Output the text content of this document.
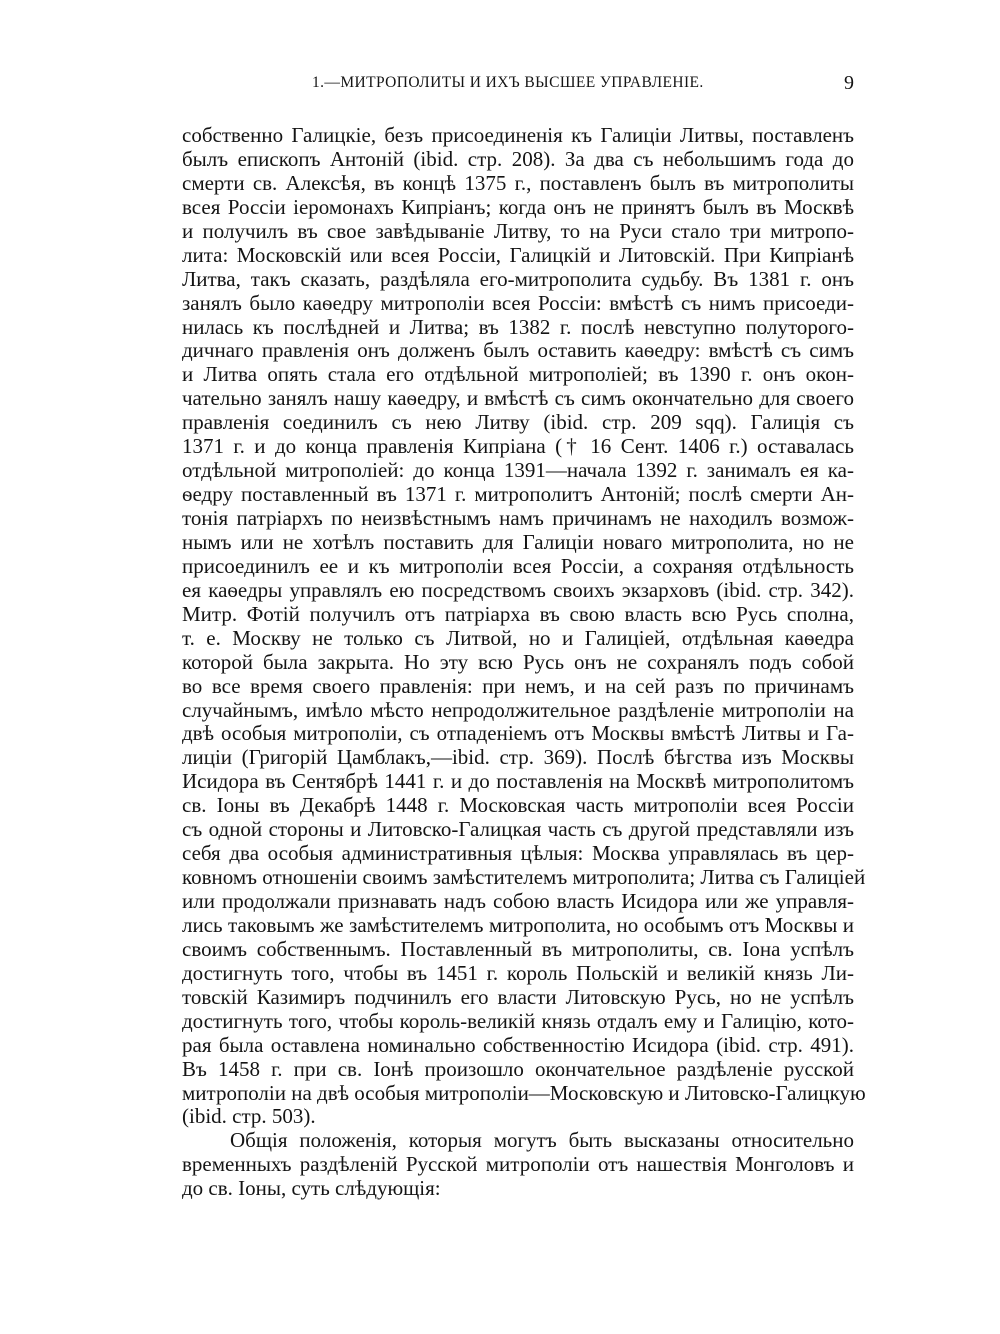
1.—МИТРОПОЛИТЫ И ИХЪ ВЫСШЕЕ УПРАВЛЕНІЕ.	9
собственно Галицкіе, безъ присоединенія къ Галиціи Литвы, поставленъ
былъ епископъ Антоній (ibid. стр. 208). За два съ небольшимъ года до
смерти св. Алексѣя, въ концѣ 1375 г., поставленъ былъ въ митрополиты
всея Россіи іеромонахъ Кипріанъ; когда онъ не принятъ былъ въ Москвѣ
и получилъ въ свое завѣдываніе Литву, то на Руси стало три митропо-
лита: Московскій или всея Россіи, Галицкій и Литовскій. При Кипріанѣ
Литва, такъ сказать, раздѣляла его-митрополита судьбу. Въ 1381 г. онъ
занялъ было каѳедру митрополіи всея Россіи: вмѣстѣ съ нимъ присоеди-
нилась къ послѣдней и Литва; въ 1382 г. послѣ невступно полуторого-
дичнаго правленія онъ долженъ былъ оставить каѳедру: вмѣстѣ съ симъ
и Литва опять стала его отдѣльной митрополіей; въ 1390 г. онъ окон-
чательно занялъ нашу каѳедру, и вмѣстѣ съ симъ окончательно для своего
правленія соединилъ съ нею Литву (ibid. стр. 209 sqq). Галиція съ
1371 г. и до конца правленія Кипріана († 16 Сент. 1406 г.) оставалась
отдѣльной митрополіей: до конца 1391—начала 1392 г. занималъ ея ка-
ѳедру поставленный въ 1371 г. митрополитъ Антоній; послѣ смерти Ан-
тонія патріархъ по неизвѣстнымъ намъ причинамъ не находилъ возмож-
нымъ или не хотѣлъ поставить для Галиціи новаго митрополита, но не
присоединилъ ее и къ митрополіи всея Россіи, а сохраняя отдѣльность
ея каѳедры управлялъ ею посредствомъ своихъ экзарховъ (ibid. стр. 342).
Митр. Фотій получилъ отъ патріарха въ свою власть всю Русь сполна,
т. е. Москву не только съ Литвой, но и Галиціей, отдѣльная каѳедра
которой была закрыта. Но эту всю Русь онъ не сохранялъ подъ собой
во все время своего правленія: при немъ, и на сей разъ по причинамъ
случайнымъ, имѣло мѣсто непродолжительное раздѣленіе митрополіи на
двѣ особыя митрополіи, съ отпаденіемъ отъ Москвы вмѣстѣ Литвы и Га-
лиціи (Григорій Цамблакъ,—ibid. стр. 369). Послѣ бѣгства изъ Москвы
Исидора въ Сентябрѣ 1441 г. и до поставленія на Москвѣ митрополитомъ
св. Іоны въ Декабрѣ 1448 г. Московская часть митрополіи всея Россіи
съ одной стороны и Литовско-Галицкая часть съ другой представляли изъ
себя два особыя административныя цѣлыя: Москва управлялась въ цер-
ковномъ отношеніи своимъ замѣстителемъ митрополита; Литва съ Галиціей
или продолжали признавать надъ собою власть Исидора или же управля-
лись таковымъ же замѣстителемъ митрополита, но особымъ отъ Москвы и
своимъ собственнымъ. Поставленный въ митрополиты, св. Іона успѣлъ
достигнуть того, чтобы въ 1451 г. король Польскій и великій князь Ли-
товскій Казимиръ подчинилъ его власти Литовскую Русь, но не успѣлъ
достигнуть того, чтобы король-великій князь отдалъ ему и Галицію, кото-
рая была оставлена номинально собственностію Исидора (ibid. стр. 491).
Въ 1458 г. при св. Іонѣ произошло окончательное раздѣленіе русской
митрополіи на двѣ особыя митрополіи—Московскую и Литовско-Галицкую
(ibid. стр. 503).
Общія положенія, которыя могутъ быть высказаны относительно
временныхъ раздѣленій Русской митрополіи отъ нашествія Монголовъ и
до св. Іоны, суть слѣдующія:
